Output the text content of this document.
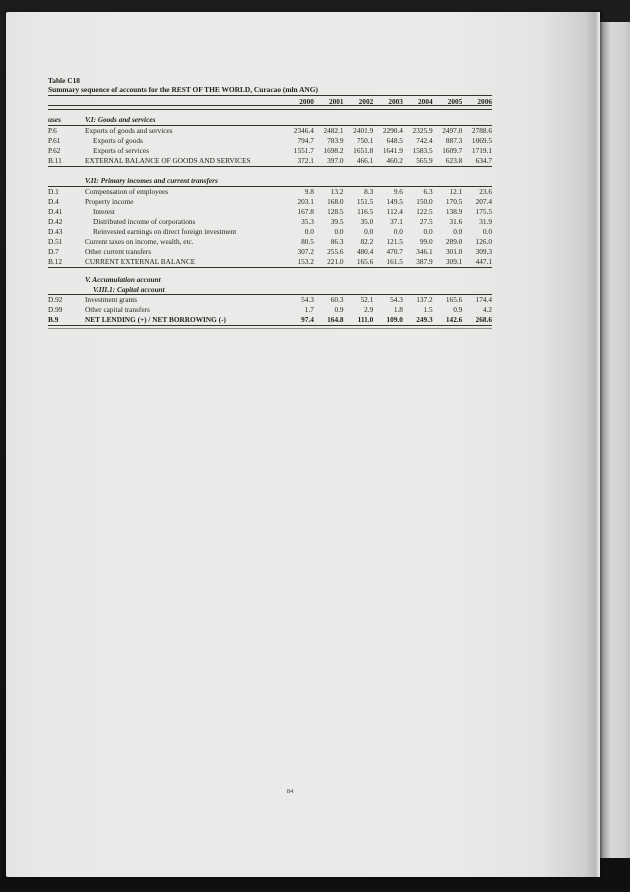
Table C18
Summary sequence of accounts for the REST OF THE WORLD, Curacao (mln ANG)
2000	2001	2002	2003	2004	2005	2006
uses	V.I: Goods and services
P.6	Exports of goods and services	2346.4	2482.1	2401.9	2290.4	2325.9	2497.0	2788.6
P.61	Exports of goods	794.7	783.9	750.1	648.5	742.4	887.3	1069.5
P.62	Exports of services	1551.7	1698.2	1651.8	1641.9	1583.5	1609.7	1719.1
B.11	EXTERNAL BALANCE OF GOODS AND SERVICES	372.1	397.0	466.1	460.2	565.9	623.8	634.7
V.II: Primary incomes and current transfers
D.1	Compensation of employees	9.8	13.2	8.3	9.6	6.3	12.1	23.6
D.4	Property income	203.1	168.0	151.5	149.5	150.0	170.5	207.4
D.41	Interest	167.8	128.5	116.5	112.4	122.5	138.9	175.5
D.42	Distributed income of corporations	35.3	39.5	35.0	37.1	27.5	31.6	31.9
D.43	Reinvested earnings on direct foreign investment	0.0	0.0	0.0	0.0	0.0	0.0	0.0
D.51	Current taxes on income, wealth, etc.	80.5	86.3	82.2	121.5	99.0	289.0	126.0
D.7	Other current transfers	307.2	255.6	480.4	470.7	346.1	301.0	309.3
B.12	CURRENT EXTERNAL BALANCE	153.2	221.0	165.6	161.5	387.9	309.1	447.1
V. Accumulation account
V.III.1: Capital account
D.92	Investment grants	54.3	60.3	52.1	54.3	137.2	165.6	174.4
D.99	Other capital transfers	1.7	0.9	2.9	1.8	1.5	0.9	4.2
B.9	NET LENDING (+) / NET BORROWING (-)	97.4	164.8	111.0	109.0	249.3	142.6	268.6
84
